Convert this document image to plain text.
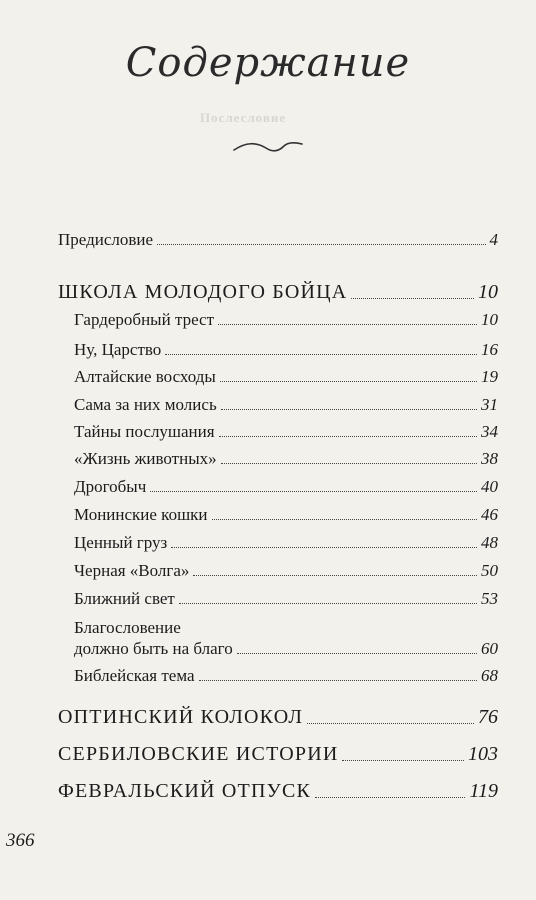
Послесловие
Содержание
Предисловие	4
ШКОЛА МОЛОДОГО БОЙЦА	10
Гардеробный трест	10
Ну, Царство	16
Алтайские восходы	19
Сама за них молись	31
Тайны послушания	34
«Жизнь животных»	38
Дрогобыч	40
Монинские кошки	46
Ценный груз	48
Черная «Волга»	50
Ближний свет	53
Благословение
должно быть на благо	60
Библейская тема	68
ОПТИНСКИЙ КОЛОКОЛ	76
СЕРБИЛОВСКИЕ ИСТОРИИ	103
ФЕВРАЛЬСКИЙ ОТПУСК	119
366
